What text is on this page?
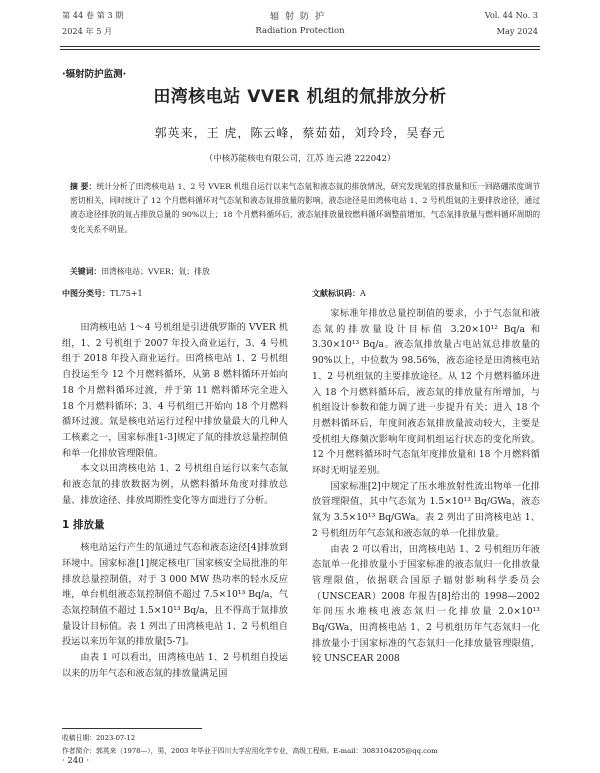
第 44 卷 第 3 期
2024 年 5 月
辐射防护
Radiation Protection
Vol. 44 No. 3
May 2024
·辐射防护监测·
田湾核电站 VVER 机组的氚排放分析
郭英来，王 虎，陈云峰，蔡茹茹，刘玲玲，吴春元
（中核苏能核电有限公司，江苏 连云港 222042）
摘 要：统计分析了田湾核电站 1、2 号 VVER 机组自运行以来气态氚和液态氚的排放情况，研究发现氚的排放量和压一回路硼浓度调节密切相关，同时统计了 12 个月燃料循环对气态氚和液态氚排放量的影响，液态途径是田湾核电站 1、2 号机组氚的主要排放途径，通过液态途径排放的氚占排放总量的 90%以上；18 个月燃料循环后，液态氚排放量较燃料循环调整前增加，气态氚排放量与燃料循环周期的变化关系不明显。
关键词：田湾核电站；VVER；氚；排放
中图分类号：TL75+1	文献标识码：A

田湾核电站 1～4 号机组是引进俄罗斯的 VVER 机组，1、2 号机组于 2007 年投入商业运行，3、4 号机组于 2018 年投入商业运行。田湾核电站 1、2 号机组自投运至今 12 个月燃料循环，从第 8 燃料循环开始向 18 个月燃料循环过渡，并于第 11 燃料循环完全进入 18 个月燃料循环；3、4 号机组已开始向 18 个月燃料循环过渡。氚是核电站运行过程中排放量最大的几种人工核素之一，国家标准[1-3]规定了氚的排放总量控制值和单一化排放管理限值。

本文以田湾核电站 1、2 号机组自运行以来气态氚和液态氚的排放数据为例，从燃料循环角度对排放总量、排放途径、排放周期性变化等方面进行了分析。

1 排放量

核电站运行产生的氚通过气态和液态途径[4]排放到环境中。国家标准[1]规定核电厂国家核安全局批准的年排放总量控制值，对于 3 000 MW 热功率的轻水反应堆，单台机组液态氚控制值不超过 7.5×10¹³ Bq/a，气态氚控制值不超过 1.5×10¹³ Bq/a，且不得高于氚排放量设计目标值。表 1 列出了田湾核电站 1、2 号机组自投运以来历年氚的排放量[5-7]。

由表 1 可以看出，田湾核电站 1、2 号机组自投运以来的历年气态和液态氚的排放量满足国

家标准年排放总量控制值的要求，小于气态氚和液态氚的排放量设计目标值 3.20×10¹² Bq/a 和 3.30×10¹³ Bq/a。液态氚排放量占电站氚总排放量的 90%以上，中位数为 98.56%，液态途径是田湾核电站 1、2 号机组氚的主要排放途径。从 12 个月燃料循环进入 18 个月燃料循环后，液态氚的排放量有所增加，与机组设计参数和能力调了进一步提升有关；进入 18 个月燃料循环后，年度间液态氚排放量波动较大，主要是受机组大修频次影响年度间机组运行状态的变化所致。12 个月燃料循环时气态氚年度排放量和 18 个月燃料循环时无明显差别。

国家标准[2]中规定了压水堆放射性流出物单一化排放管理限值，其中气态氚为 1.5×10¹³ Bq/GWa，液态氚为 3.5×10¹³ Bq/GWa。表 2 列出了田湾核电站 1、2 号机组历年气态氚和液态氚的单一化排放量。

由表 2 可以看出，田湾核电站 1、2 号机组历年液态氚单一化排放量小于国家标准的液态氚归一化排放量管理限值，依据联合国原子辐射影响科学委员会（UNSCEAR）2008 年报告[8]给出的 1998—2002 年间压水堆核电液态氚归一化排放量 2.0×10¹³ Bq/GWa，田湾核电站 1、2 号机组历年气态氚归一化排放量小于国家标准的气态氚归一化排放量管理限值，较 UNSCEAR 2008

收稿日期：2023-07-12
作者简介：郭英来（1978—），男，2003 年毕业于四川大学应用化学专业，高级工程师。E-mail：3083104205@qq.com
· 240 ·
